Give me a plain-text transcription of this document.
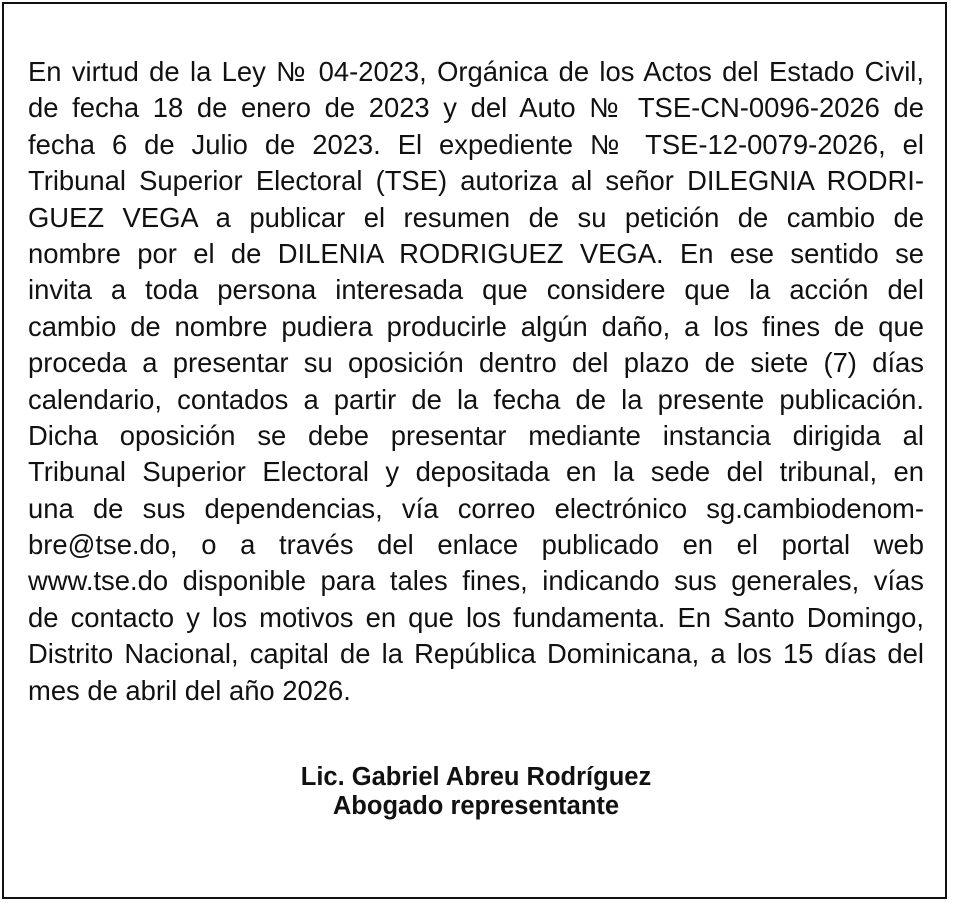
En virtud de la Ley № 04-2023, Orgánica de los Actos del Estado Civil,
de fecha 18 de enero de 2023 y del Auto № TSE-CN-0096-2026 de
fecha 6 de Julio de 2023. El expediente № TSE-12-0079-2026, el
Tribunal Superior Electoral (TSE) autoriza al señor DILEGNIA RODRI-
GUEZ VEGA a publicar el resumen de su petición de cambio de
nombre por el de DILENIA RODRIGUEZ VEGA. En ese sentido se
invita a toda persona interesada que considere que la acción del
cambio de nombre pudiera producirle algún daño, a los fines de que
proceda a presentar su oposición dentro del plazo de siete (7) días
calendario, contados a partir de la fecha de la presente publicación.
Dicha oposición se debe presentar mediante instancia dirigida al
Tribunal Superior Electoral y depositada en la sede del tribunal, en
una de sus dependencias, vía correo electrónico sg.cambiodenom-
bre@tse.do, o a través del enlace publicado en el portal web
www.tse.do disponible para tales fines, indicando sus generales, vías
de contacto y los motivos en que los fundamenta. En Santo Domingo,
Distrito Nacional, capital de la República Dominicana, a los 15 días del
mes de abril del año 2026.
Lic. Gabriel Abreu Rodríguez
Abogado representante
